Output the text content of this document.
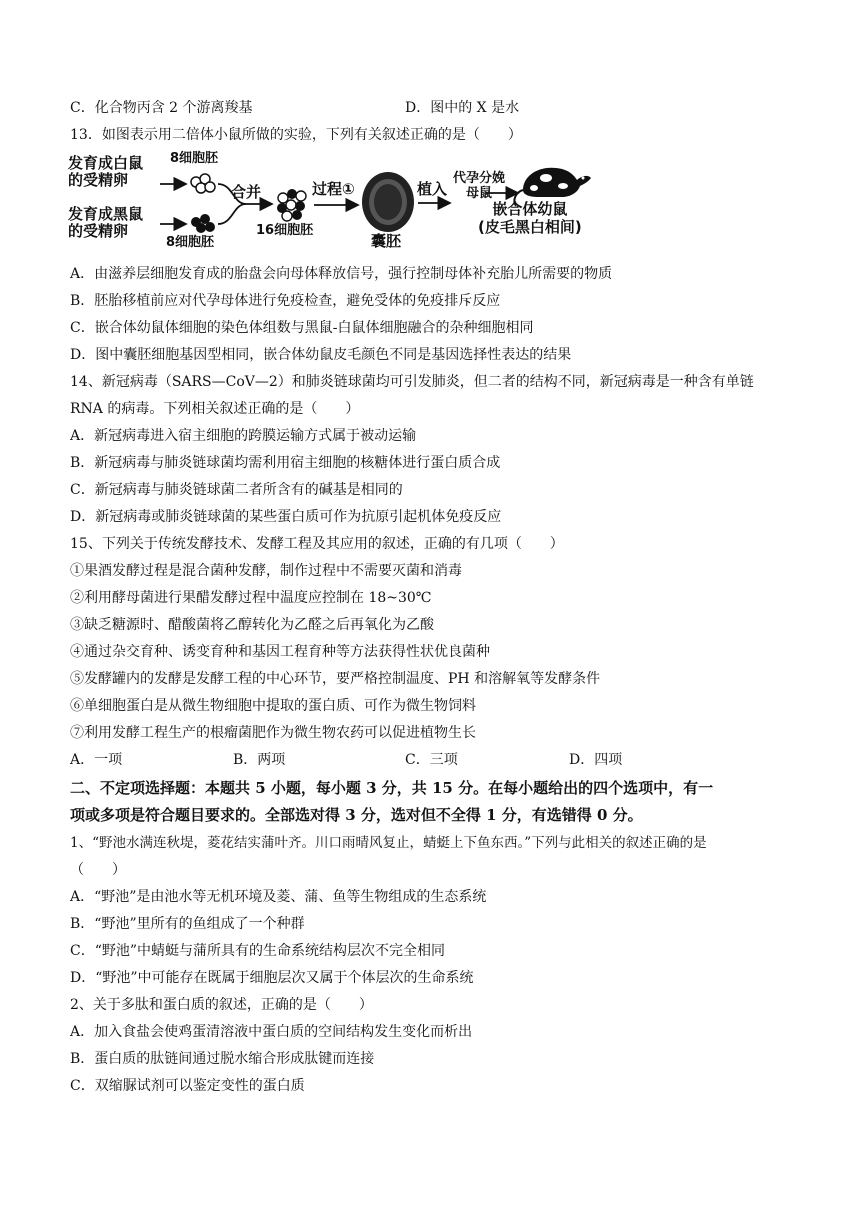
C．化合物丙含 2 个游离羧基	D．图中的 X 是水
13．如图表示用二倍体小鼠所做的实验，下列有关叙述正确的是（　　）
发育成白鼠
的受精卵
发育成黑鼠
的受精卵
8细胞胚
8细胞胚
合并
16细胞胚
过程①
囊胚
植入
代孕分娩
母鼠
嵌合体幼鼠
(皮毛黑白相间)
A．由滋养层细胞发育成的胎盘会向母体释放信号，强行控制母体补充胎儿所需要的物质
B．胚胎移植前应对代孕母体进行免疫检查，避免受体的免疫排斥反应
C．嵌合体幼鼠体细胞的染色体组数与黑鼠-白鼠体细胞融合的杂种细胞相同
D．图中囊胚细胞基因型相同，嵌合体幼鼠皮毛颜色不同是基因选择性表达的结果
14、新冠病毒（SARS—CoV—2）和肺炎链球菌均可引发肺炎，但二者的结构不同，新冠病毒是一种含有单链
RNA 的病毒。下列相关叙述正确的是（　　）
A．新冠病毒进入宿主细胞的跨膜运输方式属于被动运输
B．新冠病毒与肺炎链球菌均需利用宿主细胞的核糖体进行蛋白质合成
C．新冠病毒与肺炎链球菌二者所含有的碱基是相同的
D．新冠病毒或肺炎链球菌的某些蛋白质可作为抗原引起机体免疫反应
15、下列关于传统发酵技术、发酵工程及其应用的叙述，正确的有几项（　　）
①果酒发酵过程是混合菌种发酵，制作过程中不需要灭菌和消毒
②利用酵母菌进行果醋发酵过程中温度应控制在 18~30℃
③缺乏糖源时、醋酸菌将乙醇转化为乙醛之后再氧化为乙酸
④通过杂交育种、诱变育种和基因工程育种等方法获得性状优良菌种
⑤发酵罐内的发酵是发酵工程的中心环节，要严格控制温度、PH 和溶解氧等发酵条件
⑥单细胞蛋白是从微生物细胞中提取的蛋白质、可作为微生物饲料
⑦利用发酵工程生产的根瘤菌肥作为微生物农药可以促进植物生长
A．一项	B．两项	C．三项	D．四项
二、不定项选择题：本题共 5 小题，每小题 3 分，共 15 分。在每小题给出的四个选项中，有一
项或多项是符合题目要求的。全部选对得 3 分，选对但不全得 1 分，有选错得 0 分。
1、“野池水满连秋堤，菱花结实蒲叶齐。川口雨晴风复止，蜻蜓上下鱼东西。”下列与此相关的叙述正确的是
（　　）
A．“野池”是由池水等无机环境及菱、蒲、鱼等生物组成的生态系统
B．“野池”里所有的鱼组成了一个种群
C．“野池”中蜻蜓与蒲所具有的生命系统结构层次不完全相同
D．“野池”中可能存在既属于细胞层次又属于个体层次的生命系统
2、关于多肽和蛋白质的叙述，正确的是（　　）
A．加入食盐会使鸡蛋清溶液中蛋白质的空间结构发生变化而析出
B．蛋白质的肽链间通过脱水缩合形成肽键而连接
C．双缩脲试剂可以鉴定变性的蛋白质
